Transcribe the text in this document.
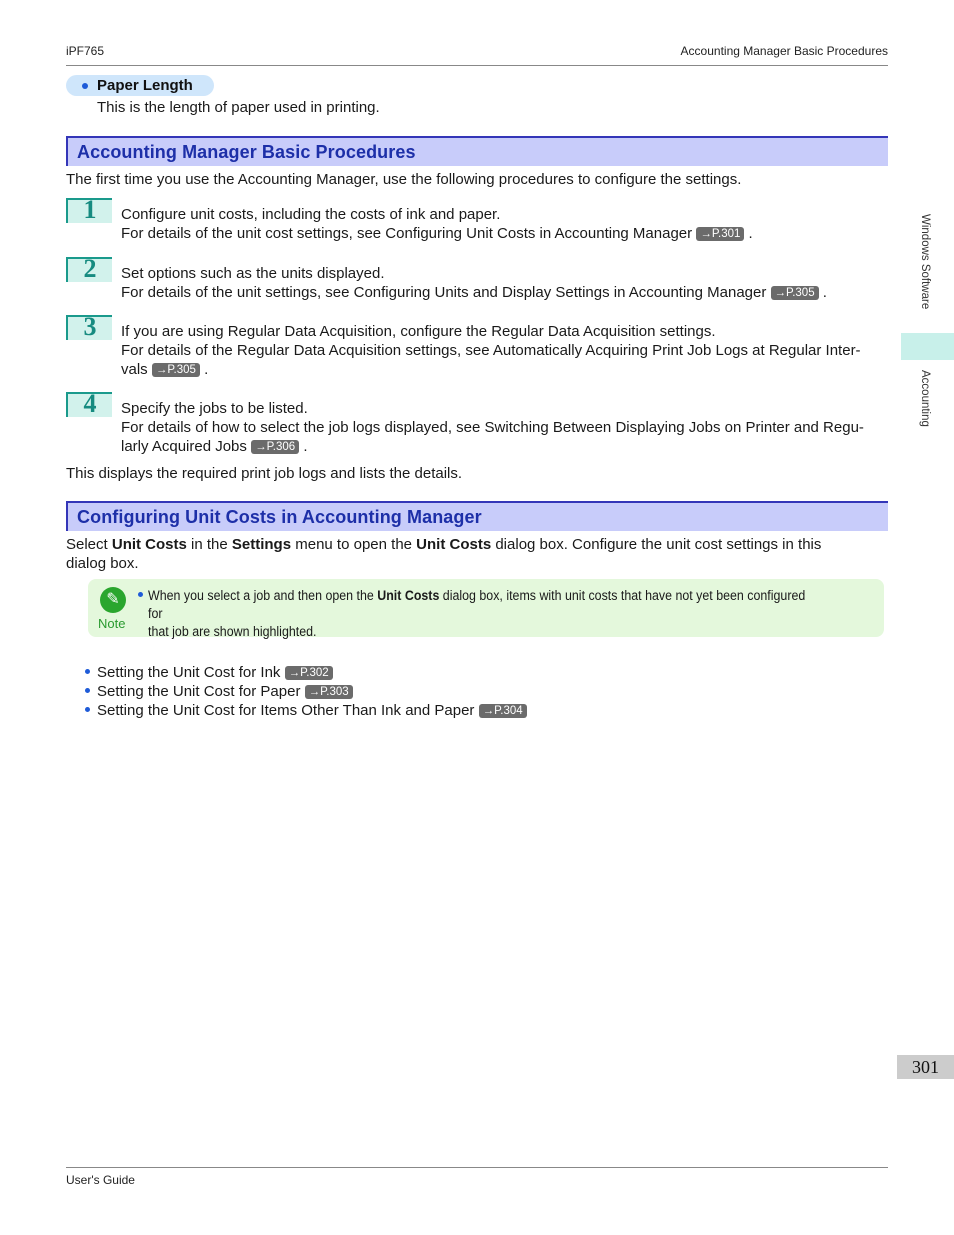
iPF765	Accounting Manager Basic Procedures
Windows Software
Accounting
301
Paper Length
This is the length of paper used in printing.
Accounting Manager Basic Procedures
The first time you use the Accounting Manager, use the following procedures to configure the settings.
1	Configure unit costs, including the costs of ink and paper.
For details of the unit cost settings, see Configuring Unit Costs in Accounting Manager →P.301 .
2	Set options such as the units displayed.
For details of the unit settings, see Configuring Units and Display Settings in Accounting Manager →P.305 .
3	If you are using Regular Data Acquisition, configure the Regular Data Acquisition settings.
For details of the Regular Data Acquisition settings, see Automatically Acquiring Print Job Logs at Regular Inter-
vals →P.305 .
4	Specify the jobs to be listed.
For details of how to select the job logs displayed, see Switching Between Displaying Jobs on Printer and Regu-
larly Acquired Jobs →P.306 .
This displays the required print job logs and lists the details.
Configuring Unit Costs in Accounting Manager
Select Unit Costs in the Settings menu to open the Unit Costs dialog box. Configure the unit cost settings in this
dialog box.
✎
Note
When you select a job and then open the Unit Costs dialog box, items with unit costs that have not yet been configured for
that job are shown highlighted.
Setting the Unit Cost for Ink →P.302
Setting the Unit Cost for Paper →P.303
Setting the Unit Cost for Items Other Than Ink and Paper →P.304
User's Guide
